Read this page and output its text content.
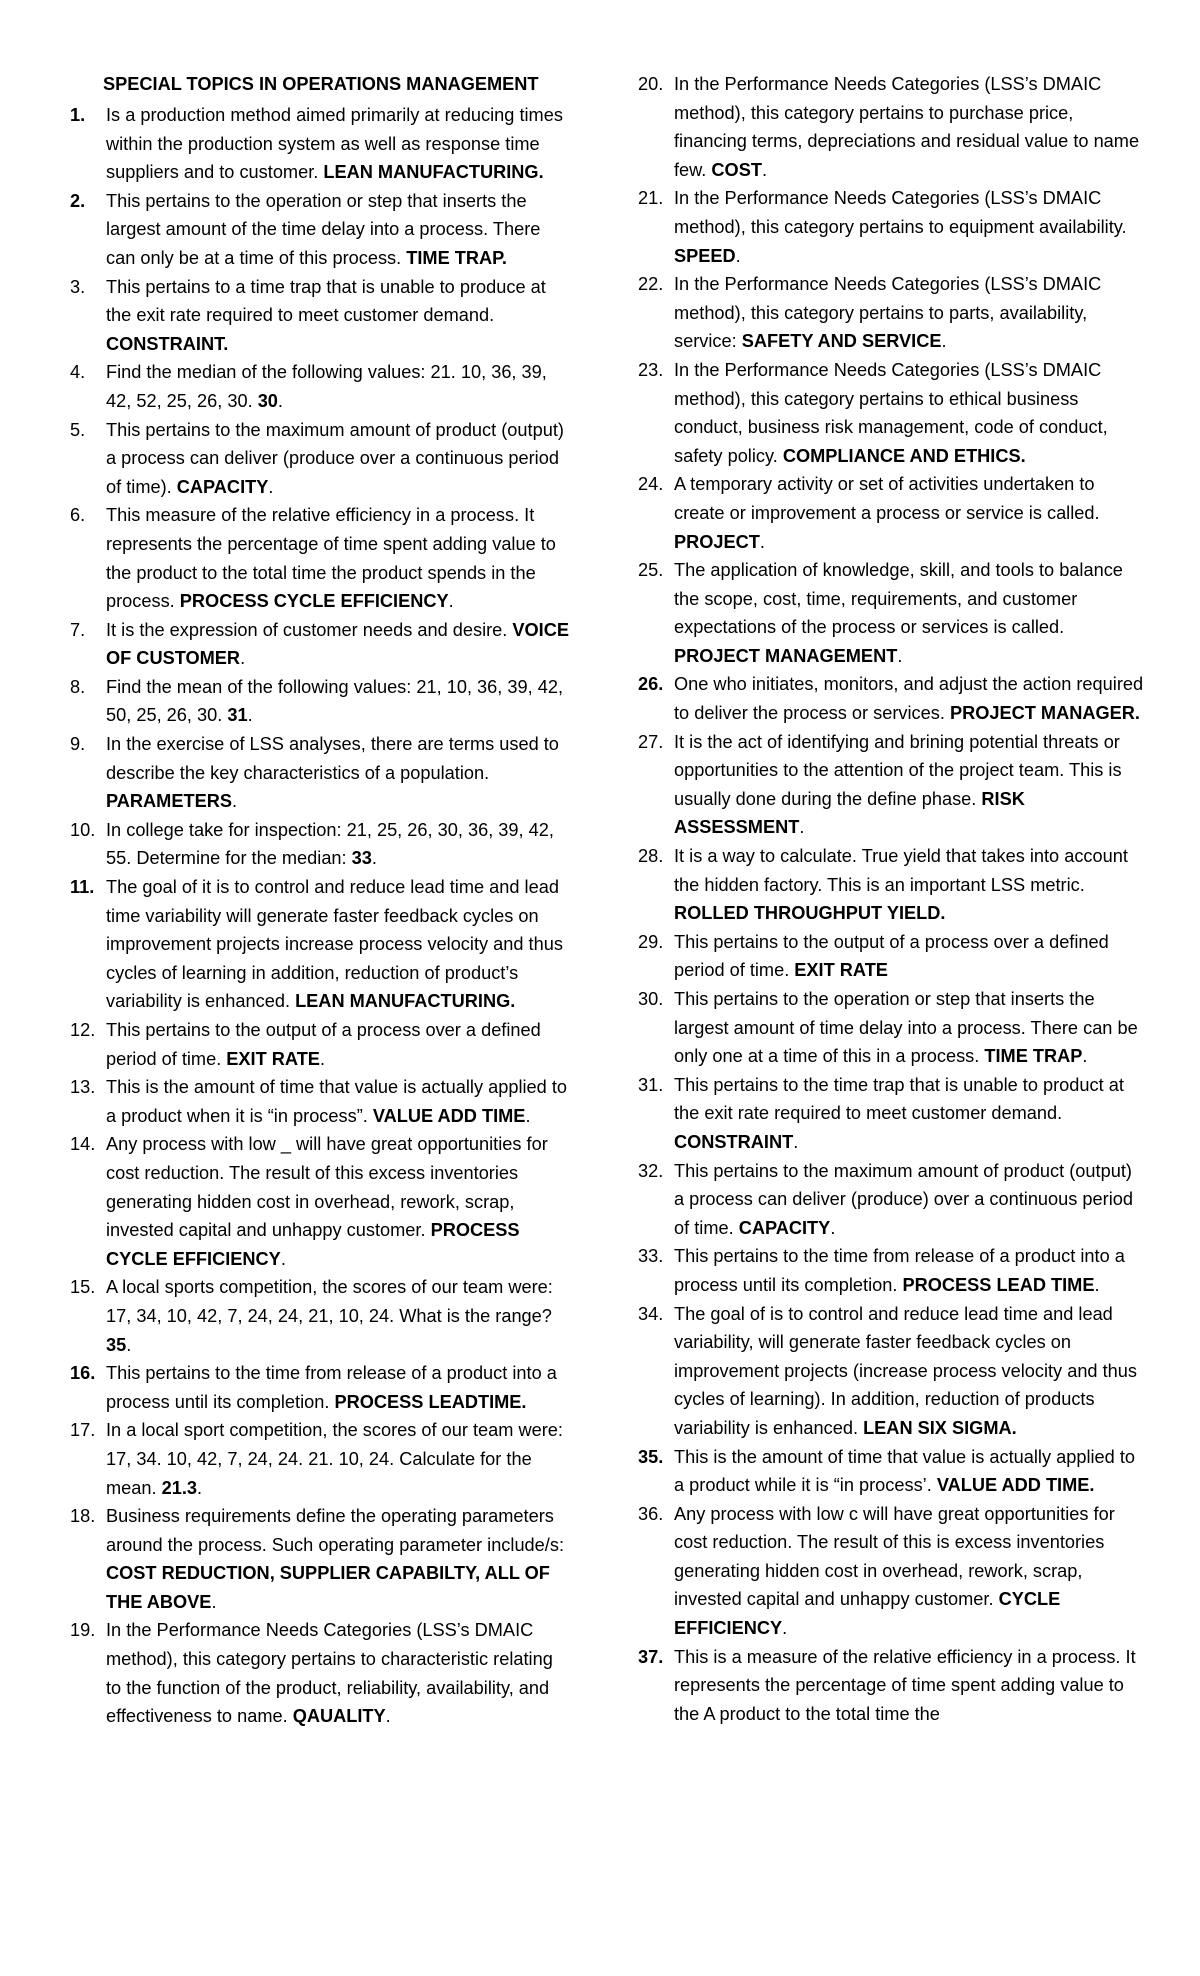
SPECIAL TOPICS IN OPERATIONS MANAGEMENT
1.	Is a production method aimed primarily at reducing times within the production system as well as response time suppliers and to customer. LEAN MANUFACTURING.
2.	This pertains to the operation or step that inserts the largest amount of the time delay into a process. There can only be at a time of this process. TIME TRAP.
3.	This pertains to a time trap that is unable to produce at the exit rate required to meet customer demand. CONSTRAINT.
4.	Find the median of the following values: 21. 10, 36, 39, 42, 52, 25, 26, 30. 30.
5.	This pertains to the maximum amount of product (output) a process can deliver (produce over a continuous period of time). CAPACITY.
6.	This measure of the relative efficiency in a process. It represents the percentage of time spent adding value to the product to the total time the product spends in the process. PROCESS CYCLE EFFICIENCY.
7.	It is the expression of customer needs and desire. VOICE OF CUSTOMER.
8.	Find the mean of the following values: 21, 10, 36, 39, 42, 50, 25, 26, 30. 31.
9.	In the exercise of LSS analyses, there are terms used to describe the key characteristics of a population. PARAMETERS.
10. In college take for inspection: 21, 25, 26, 30, 36, 39, 42, 55. Determine for the median: 33.
11. The goal of it is to control and reduce lead time and lead time variability will generate faster feedback cycles on improvement projects increase process velocity and thus cycles of learning in addition, reduction of product’s variability is enhanced. LEAN MANUFACTURING.
12. This pertains to the output of a process over a defined period of time. EXIT RATE.
13. This is the amount of time that value is actually applied to a product when it is “in process”. VALUE ADD TIME.
14. Any process with low _ will have great opportunities for cost reduction. The result of this excess inventories generating hidden cost in overhead, rework, scrap, invested capital and unhappy customer. PROCESS CYCLE EFFICIENCY.
15. A local sports competition, the scores of our team were: 17, 34, 10, 42, 7, 24, 24, 21, 10, 24. What is the range? 35.
16. This pertains to the time from release of a product into a process until its completion. PROCESS LEADTIME.
17. In a local sport competition, the scores of our team were: 17, 34. 10, 42, 7, 24, 24. 21. 10, 24. Calculate for the mean. 21.3.
18. Business requirements define the operating parameters around the process. Such operating parameter include/s: COST REDUCTION, SUPPLIER CAPABILTY, ALL OF THE ABOVE.
19. In the Performance Needs Categories (LSS’s DMAIC method), this category pertains to characteristic relating to the function of the product, reliability, availability, and effectiveness to name. QAUALITY.
20. In the Performance Needs Categories (LSS’s DMAIC method), this category pertains to purchase price, financing terms, depreciations and residual value to name few. COST.
21. In the Performance Needs Categories (LSS’s DMAIC method), this category pertains to equipment availability. SPEED.
22. In the Performance Needs Categories (LSS’s DMAIC method), this category pertains to parts, availability, service: SAFETY AND SERVICE.
23. In the Performance Needs Categories (LSS’s DMAIC method), this category pertains to ethical business conduct, business risk management, code of conduct, safety policy. COMPLIANCE AND ETHICS.
24. A temporary activity or set of activities undertaken to create or improvement a process or service is called. PROJECT.
25. The application of knowledge, skill, and tools to balance the scope, cost, time, requirements, and customer expectations of the process or services is called. PROJECT MANAGEMENT.
26. One who initiates, monitors, and adjust the action required to deliver the process or services. PROJECT MANAGER.
27. It is the act of identifying and brining potential threats or opportunities to the attention of the project team. This is usually done during the define phase. RISK ASSESSMENT.
28. It is a way to calculate. True yield that takes into account the hidden factory. This is an important LSS metric. ROLLED THROUGHPUT YIELD.
29. This pertains to the output of a process over a defined period of time. EXIT RATE
30. This pertains to the operation or step that inserts the largest amount of time delay into a process. There can be only one at a time of this in a process. TIME TRAP.
31. This pertains to the time trap that is unable to product at the exit rate required to meet customer demand. CONSTRAINT.
32. This pertains to the maximum amount of product (output) a process can deliver (produce) over a continuous period of time. CAPACITY.
33. This pertains to the time from release of a product into a process until its completion. PROCESS LEAD TIME.
34. The goal of is to control and reduce lead time and lead variability, will generate faster feedback cycles on improvement projects (increase process velocity and thus cycles of learning). In addition, reduction of products variability is enhanced. LEAN SIX SIGMA.
35. This is the amount of time that value is actually applied to a product while it is “in process’. VALUE ADD TIME.
36. Any process with low c will have great opportunities for cost reduction. The result of this is excess inventories generating hidden cost in overhead, rework, scrap, invested capital and unhappy customer. CYCLE EFFICIENCY.
37. This is a measure of the relative efficiency in a process. It represents the percentage of time spent adding value to the A product to the total time the
